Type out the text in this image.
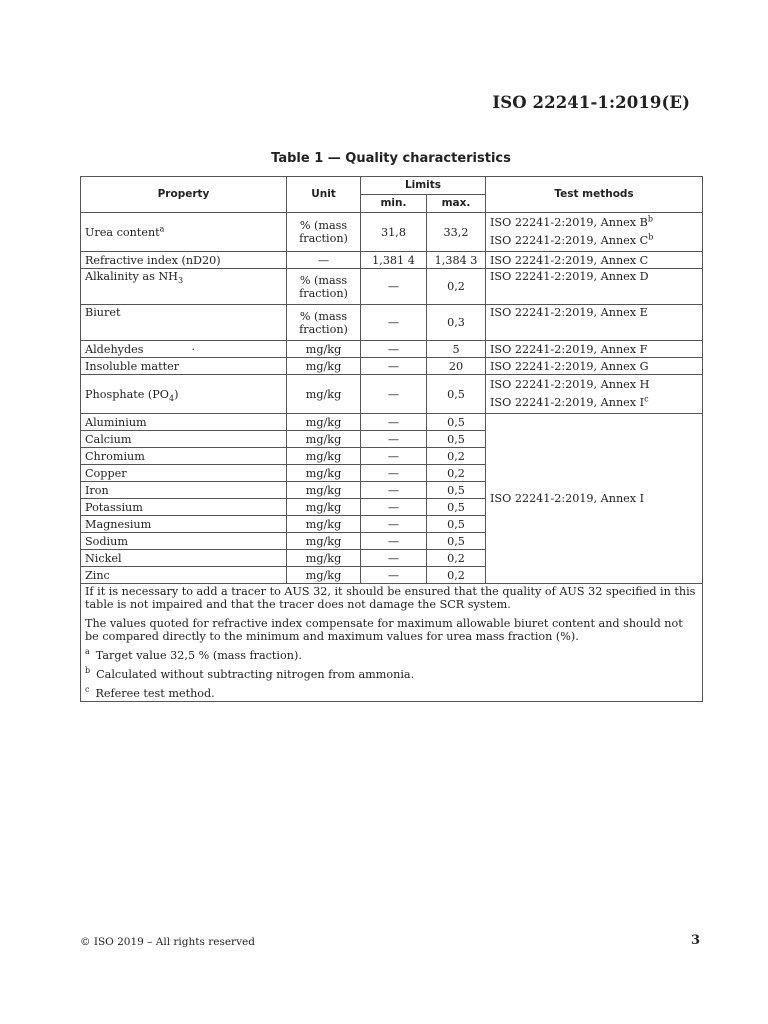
ISO 22241-1:2019(E)
Table 1 — Quality characteristics
Property	Unit	Limits		Test methods
		min.	max.	
Urea content$^a$	% (mass fraction)	31,8	33,2	ISO 22241-2:2019, Annex $B^b$
ISO 22241-2:2019, Annex $C^b$

Refractive index (nD20)	—	1,381 4	1,384 3	ISO 22241-2:2019, Annex C
Alkalinity as $NH_3$	% (mass fraction)	—	0,2	ISO 22241-2:2019, Annex D
Biuret	% (mass fraction)	—	0,3	ISO 22241-2:2019, Annex E
Aldehydes ·	mg/kg	—	5	ISO 22241-2:2019, Annex F
Insoluble matter	mg/kg	—	20	ISO 22241-2:2019, Annex G
Phosphate $(PO_4)$	mg/kg	—	0,5	ISO 22241-2:2019, Annex H
ISO 22241-2:2019, Annex $I^c$

Aluminium	mg/kg	—	0,5	ISO 22241-2:2019, Annex I
Calcium	mg/kg	—	0,5	
Chromium	mg/kg	—	0,2	
Copper	mg/kg	—	0,2	
Iron	mg/kg	—	0,5	
Potassium	mg/kg	—	0,5	
Magnesium	mg/kg	—	0,5	
Sodium	mg/kg	—	0,5	
Nickel	mg/kg	—	0,2	
Zinc	mg/kg	—	0,2	

If it is necessary to add a tracer to AUS 32, it should be ensured that the quality of AUS 32 specified in this table is not impaired and that the tracer does not damage the SCR system.

The values quoted for refractive index compensate for maximum allowable biuret content and should not be compared directly to the minimum and maximum values for urea mass fraction (%).

$^a$ Target value 32,5 % (mass fraction).

$^b$ Calculated without subtracting nitrogen from ammonia.

$^c$ Referee test method.				

© ISO 2019 – All rights reserved	3
